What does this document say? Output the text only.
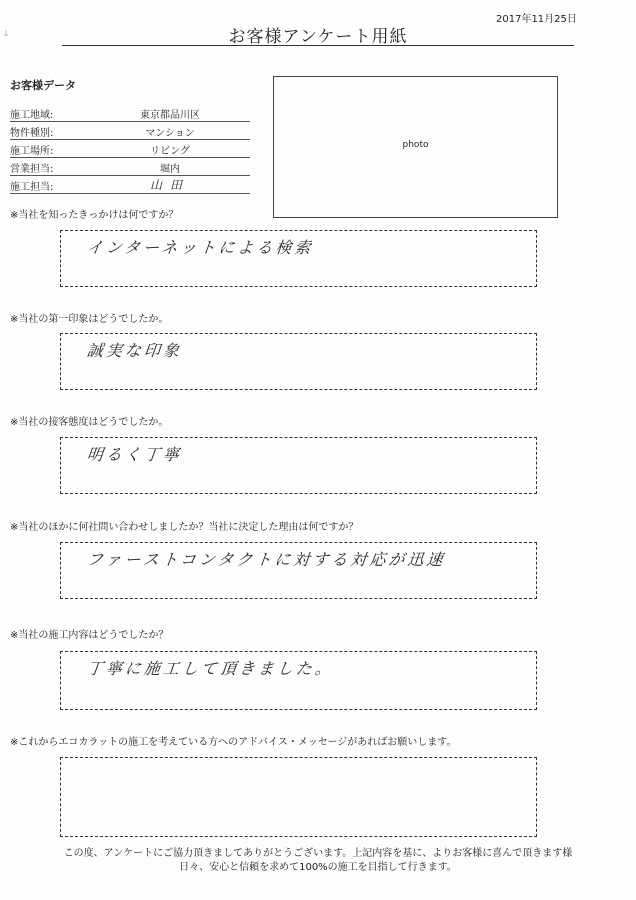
2017年11月25日
お客様アンケート用紙
お客様データ
施工地域:	東京都品川区
物件種別:	マンション
施工場所:	リビング
営業担当:	堀内
施工担当:	山田
photo
※当社を知ったきっかけは何ですか？
インターネットによる検索
※当社の第一印象はどうでしたか。
誠実な印象
※当社の接客態度はどうでしたか。
明るく丁寧
※当社のほかに何社問い合わせしましたか？当社に決定した理由は何ですか？
ファーストコンタクトに対する対応が迅速
※当社の施工内容はどうでしたか？
丁寧に施工して頂きました。
※これからエコカラットの施工を考えている方へのアドバイス・メッセージがあればお願いします。
この度、アンケートにご協力頂きましてありがとうございます。上記内容を基に、よりお客様に喜んで頂きます様
日々、安心と信頼を求めて100%の施工を目指して行きます。
ﾑ
